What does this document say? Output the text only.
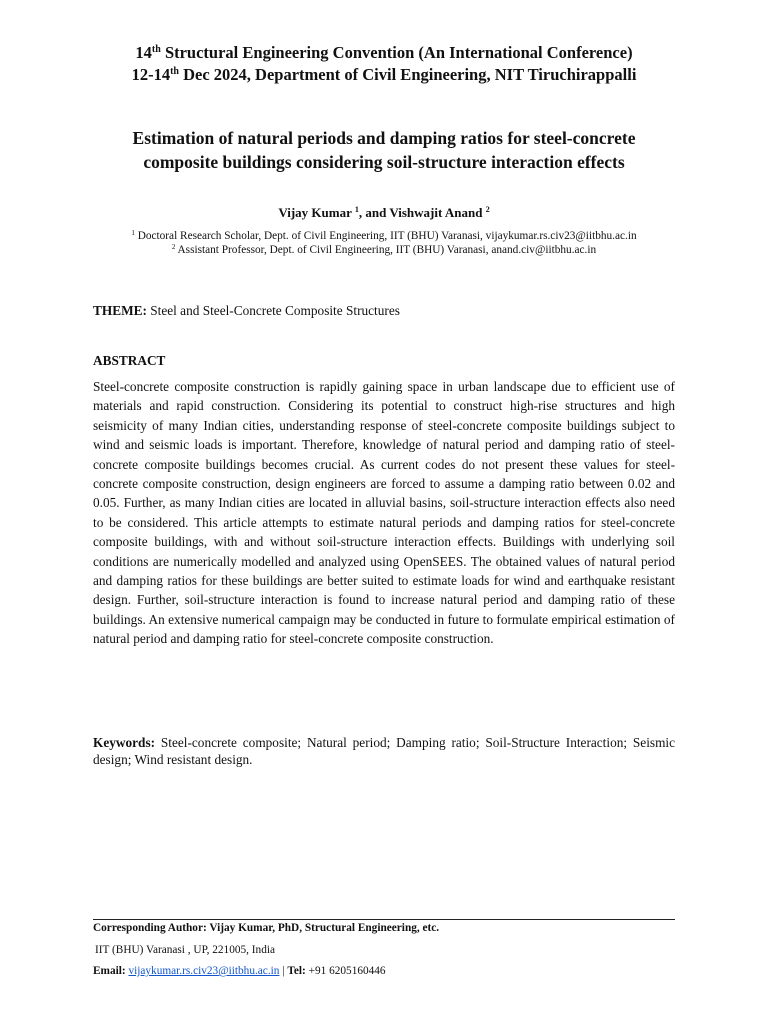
14th Structural Engineering Convention (An International Conference)
12-14th Dec 2024, Department of Civil Engineering, NIT Tiruchirappalli
Estimation of natural periods and damping ratios for steel-concrete composite buildings considering soil-structure interaction effects
Vijay Kumar $^1$, and Vishwajit Anand $^2$
$^1$ Doctoral Research Scholar, Dept. of Civil Engineering, IIT (BHU) Varanasi, vijaykumar.rs.civ23@iitbhu.ac.in
$^2$ Assistant Professor, Dept. of Civil Engineering, IIT (BHU) Varanasi, anand.civ@iitbhu.ac.in
THEME: Steel and Steel-Concrete Composite Structures
ABSTRACT
Steel-concrete composite construction is rapidly gaining space in urban landscape due to efficient use of materials and rapid construction. Considering its potential to construct high-rise structures and high seismicity of many Indian cities, understanding response of steel-concrete composite buildings subject to wind and seismic loads is important. Therefore, knowledge of natural period and damping ratio of steel-concrete composite buildings becomes crucial. As current codes do not present these values for steel-concrete composite construction, design engineers are forced to assume a damping ratio between 0.02 and 0.05. Further, as many Indian cities are located in alluvial basins, soil-structure interaction effects also need to be considered. This article attempts to estimate natural periods and damping ratios for steel-concrete composite buildings, with and without soil-structure interaction effects. Buildings with underlying soil conditions are numerically modelled and analyzed using OpenSEES. The obtained values of natural period and damping ratios for these buildings are better suited to estimate loads for wind and earthquake resistant design. Further, soil-structure interaction is found to increase natural period and damping ratio of these buildings. An extensive numerical campaign may be conducted in future to formulate empirical estimation of natural period and damping ratio for steel-concrete composite construction.
Keywords: Steel-concrete composite; Natural period; Damping ratio; Soil-Structure Interaction; Seismic design; Wind resistant design.
Corresponding Author: Vijay Kumar, PhD, Structural Engineering, etc.
IIT (BHU) Varanasi , UP, 221005, India
Email: vijaykumar.rs.civ23@iitbhu.ac.in | Tel: +91 6205160446
